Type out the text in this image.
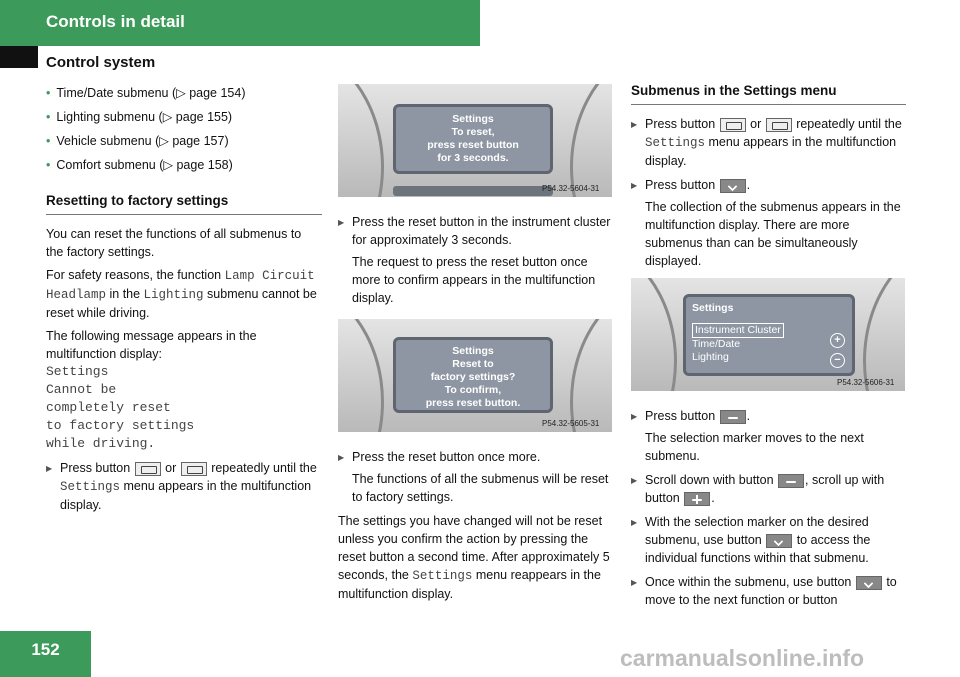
Controls in detail
Control system
• Time/Date submenu (▷ page 154)
• Lighting submenu (▷ page 155)
• Vehicle submenu (▷ page 157)
• Comfort submenu (▷ page 158)
Resetting to factory settings

You can reset the functions of all submenus to the factory settings.

For safety reasons, the function Lamp Circuit Headlamp in the Lighting submenu cannot be reset while driving.

The following message appears in the multifunction display:

Settings
Cannot be
completely reset
to factory settings
while driving.
▶ Press button  or  repeatedly until the Settings menu appears in the multifunction display.
Settings
To reset,
press reset button
for 3 seconds.
P54.32-5604-31
▶ Press the reset button in the instrument cluster for approximately 3 seconds.
The request to press the reset button once more to confirm appears in the multifunction display.
Settings
Reset to
factory settings?
To confirm,
press reset button.
P54.32-5605-31
▶ Press the reset button once more.
The functions of all the submenus will be reset to factory settings.

The settings you have changed will not be reset unless you confirm the action by pressing the reset button a second time. After approximately 5 seconds, the Settings menu reappears in the multifunction display.

Submenus in the Settings menu
▶ Press button  or  repeatedly until the Settings menu appears in the multifunction display.
▶ Press button .
The collection of the submenus appears in the multifunction display. There are more submenus than can be simultaneously displayed.
Settings
Instrument Cluster
Time/Date
Lighting
+
−
P54.32-5606-31
▶ Press button .
The selection marker moves to the next submenu.
▶ Scroll down with button , scroll up with button .
▶ With the selection marker on the desired submenu, use button  to access the individual functions within that submenu.
▶ Once within the submenu, use button  to move to the next function or button
152	carmanualsonline.info
